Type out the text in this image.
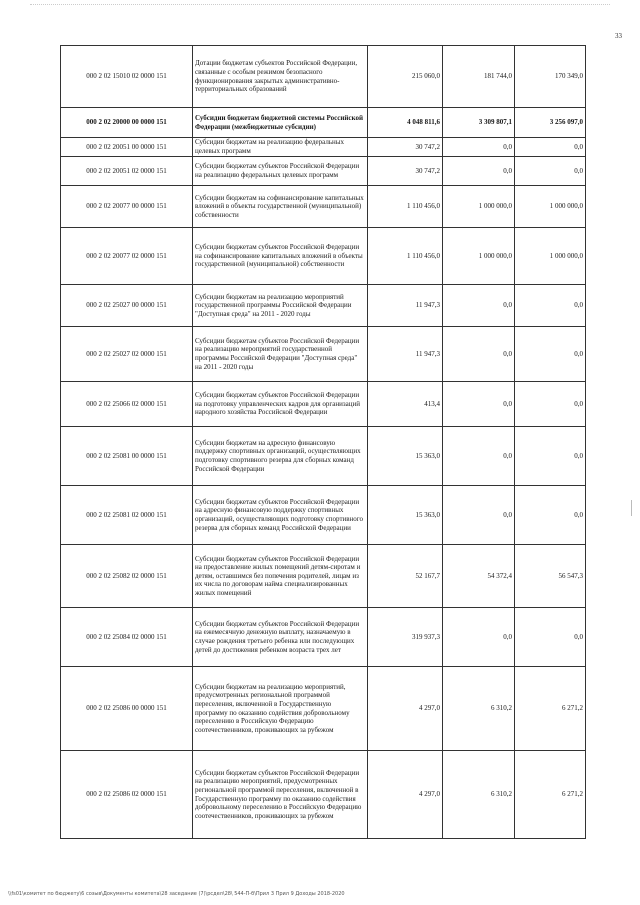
33
000 2 02 15010 02 0000 151	Дотации бюджетам субъектов Российской Федерации, связанные с особым режимом безопасного функционирования закрытых административно-территориальных образований	215 060,0	181 744,0	170 349,0
000 2 02 20000 00 0000 151	Субсидии бюджетам бюджетной системы Российской Федерации (межбюджетные субсидии)	4 048 811,6	3 309 807,1	3 256 097,0
000 2 02 20051 00 0000 151	Субсидии бюджетам на реализацию федеральных целевых программ	30 747,2	0,0	0,0
000 2 02 20051 02 0000 151	Субсидии бюджетам субъектов Российской Федерации на реализацию федеральных целевых программ	30 747,2	0,0	0,0
000 2 02 20077 00 0000 151	Субсидии бюджетам на софинансирование капитальных вложений в объекты государственной (муниципальной) собственности	1 110 456,0	1 000 000,0	1 000 000,0
000 2 02 20077 02 0000 151	Субсидии бюджетам субъектов Российской Федерации на софинансирование капитальных вложений в объекты государственной (муниципальной) собственности	1 110 456,0	1 000 000,0	1 000 000,0
000 2 02 25027 00 0000 151	Субсидии бюджетам на реализацию мероприятий государственной программы Российской Федерации "Доступная среда" на 2011 - 2020 годы	11 947,3	0,0	0,0
000 2 02 25027 02 0000 151	Субсидии бюджетам субъектов Российской Федерации на реализацию мероприятий государственной программы Российской Федерации "Доступная среда" на 2011 - 2020 годы	11 947,3	0,0	0,0
000 2 02 25066 02 0000 151	Субсидии бюджетам субъектов Российской Федерации на подготовку управленческих кадров для организаций народного хозяйства Российской Федерации	413,4	0,0	0,0
000 2 02 25081 00 0000 151	Субсидии бюджетам на адресную финансовую поддержку спортивных организаций, осуществляющих подготовку спортивного резерва для сборных команд Российской Федерации	15 363,0	0,0	0,0
000 2 02 25081 02 0000 151	Субсидии бюджетам субъектов Российской Федерации на адресную финансовую поддержку спортивных организаций, осуществляющих подготовку спортивного резерва для сборных команд Российской Федерации	15 363,0	0,0	0,0
000 2 02 25082 02 0000 151	Субсидии бюджетам субъектов Российской Федерации на предоставление жилых помещений детям-сиротам и детям, оставшимся без попечения родителей, лицам из их числа по договорам найма специализированных жилых помещений	52 167,7	54 372,4	56 547,3
000 2 02 25084 02 0000 151	Субсидии бюджетам субъектов Российской Федерации на ежемесячную денежную выплату, назначаемую в случае рождения третьего ребенка или последующих детей до достижения ребенком возраста трех лет	319 937,3	0,0	0,0
000 2 02 25086 00 0000 151	Субсидии бюджетам на реализацию мероприятий, предусмотренных региональной программой переселения, включенной в Государственную программу по оказанию содействия добровольному переселению в Российскую Федерацию соотечественников, проживающих за рубежом	4 297,0	6 310,2	6 271,2
000 2 02 25086 02 0000 151	Субсидии бюджетам субъектов Российской Федерации на реализацию мероприятий, предусмотренных региональной программой переселения, включенной в Государственную программу по оказанию содействия добровольному переселению в Российскую Федерацию соотечественников, проживающих за рубежом	4 297,0	6 310,2	6 271,2
\\fs01\комитет по бюджету\6 созыв\Документы комитета\28 заседание (7)\рсдел\28\ 544-П-б\Прил 3 Прил 9 Доходы 2018-2020
